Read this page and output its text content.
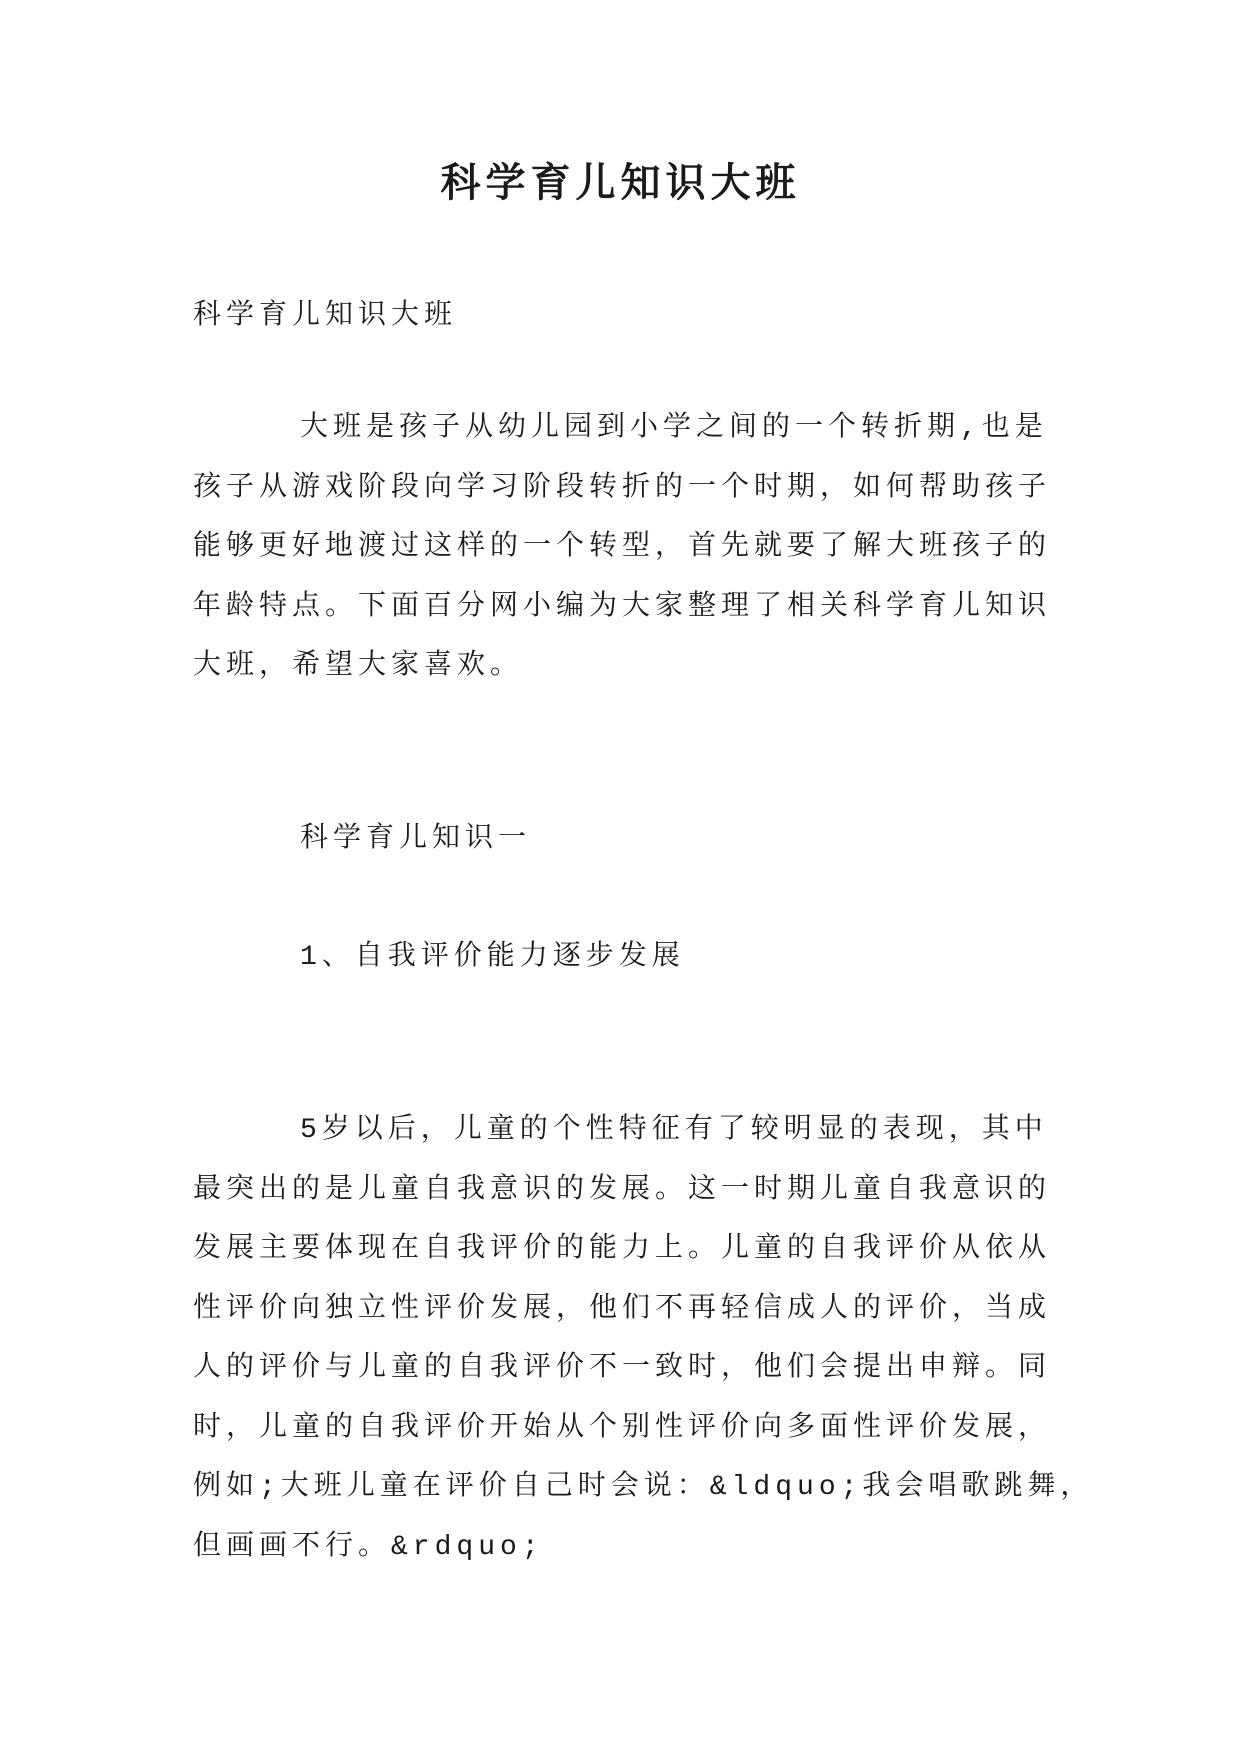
科学育儿知识大班
科学育儿知识大班
大班是孩子从幼儿园到小学之间的一个转折期,也是
孩子从游戏阶段向学习阶段转折的一个时期，如何帮助孩子
能够更好地渡过这样的一个转型，首先就要了解大班孩子的
年龄特点。下面百分网小编为大家整理了相关科学育儿知识
大班，希望大家喜欢。
科学育儿知识一
1、自我评价能力逐步发展
5岁以后，儿童的个性特征有了较明显的表现，其中
最突出的是儿童自我意识的发展。这一时期儿童自我意识的
发展主要体现在自我评价的能力上。儿童的自我评价从依从
性评价向独立性评价发展，他们不再轻信成人的评价，当成
人的评价与儿童的自我评价不一致时，他们会提出申辩。同
时，儿童的自我评价开始从个别性评价向多面性评价发展，
例如;大班儿童在评价自己时会说：&ldquo;我会唱歌跳舞，
但画画不行。&rdquo;
